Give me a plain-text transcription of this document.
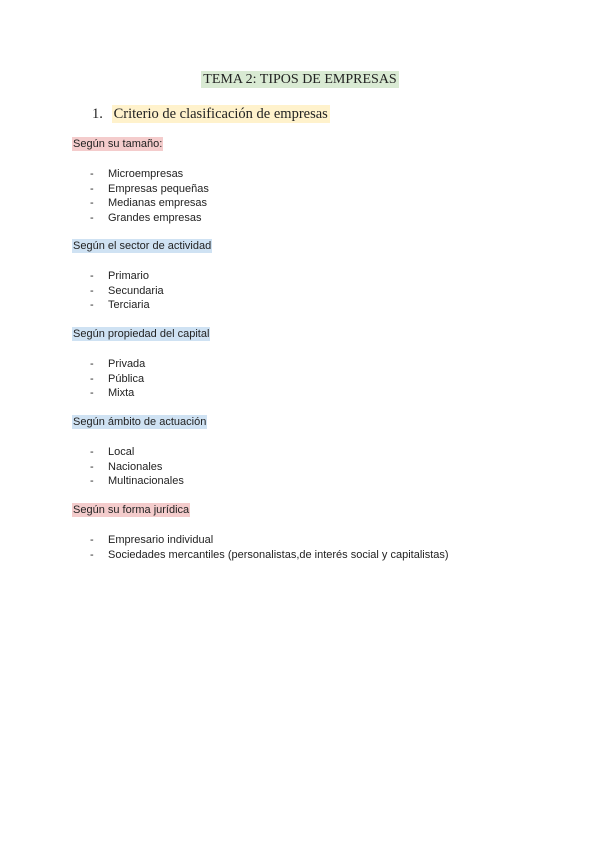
TEMA 2: TIPOS DE EMPRESAS
1. Criterio de clasificación de empresas
Según su tamaño:
- Microempresas
- Empresas pequeñas
- Medianas empresas
- Grandes empresas
Según el sector de actividad
- Primario
- Secundaria
- Terciaria
Según propiedad del capital
- Privada
- Pública
- Mixta
Según ámbito de actuación
- Local
- Nacionales
- Multinacionales
Según su forma jurídica
- Empresario individual
- Sociedades mercantiles (personalistas,de interés social y capitalistas)
